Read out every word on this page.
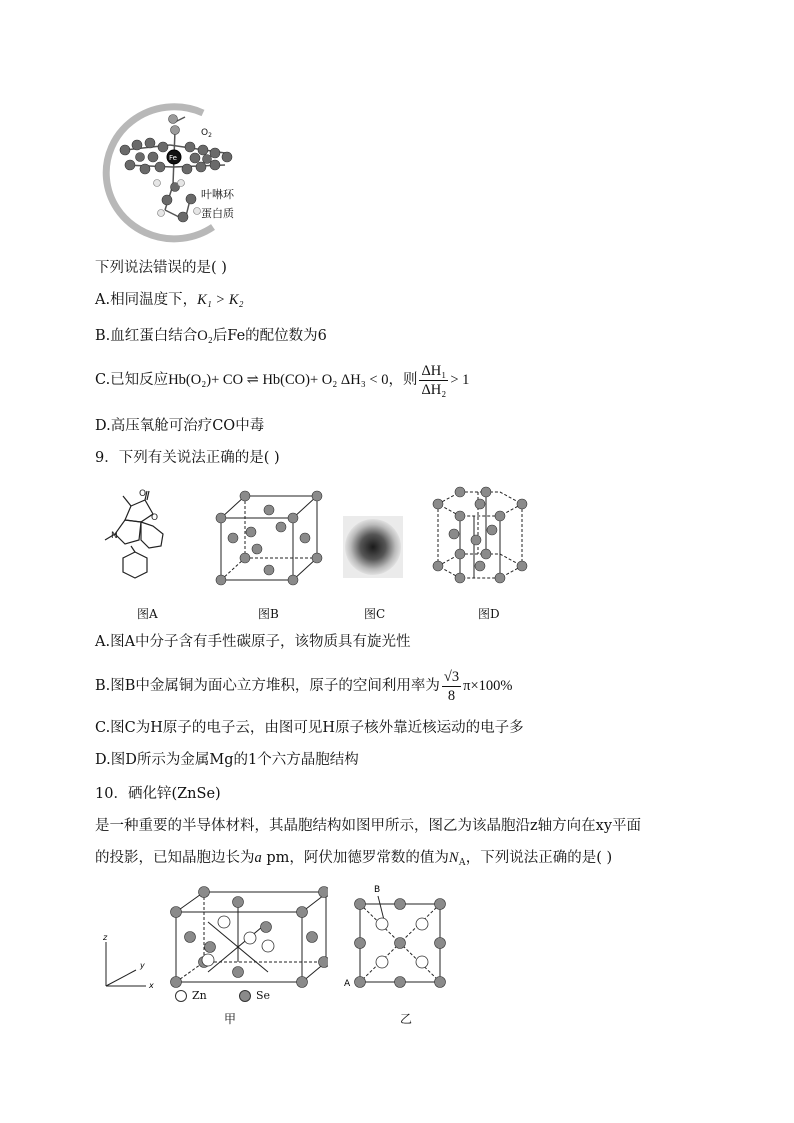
Fe
$O_2$
叶啉环
蛋白质
下列说法错误的是( )
A.相同温度下，K₁ > K₂
B.血红蛋白结合O₂后Fe的配位数为6
C.已知反应Hb(O₂)+ CO ⇌ Hb(CO)+ O₂ ΔH₃ < 0，则 $\frac{\text{ΔH₁}}{\text{ΔH₂}} > 1$
D.高压氧舱可治疗CO中毒
9．下列有关说法正确的是( )
O
O
N
图A	图B	图C	图D
A.图A中分子含有手性碳原子，该物质具有旋光性
B.图B中金属铜为面心立方堆积，原子的空间利用率为 $\frac{√3}{8} \pi\times 100\%$
C.图C为H原子的电子云，由图可见H原子核外靠近核运动的电子多
D.图D所示为金属Mg的1个六方晶胞结构
10．硒化锌(ZnSe)
是一种重要的半导体材料，其晶胞结构如图甲所示，图乙为该晶胞沿z轴方向在xy平面
的投影，已知晶胞边长为a pm，阿伏加德罗常数的值为$N_A$，下列说法正确的是( )
z
y
x
Zn	Se
甲
B
A
乙
